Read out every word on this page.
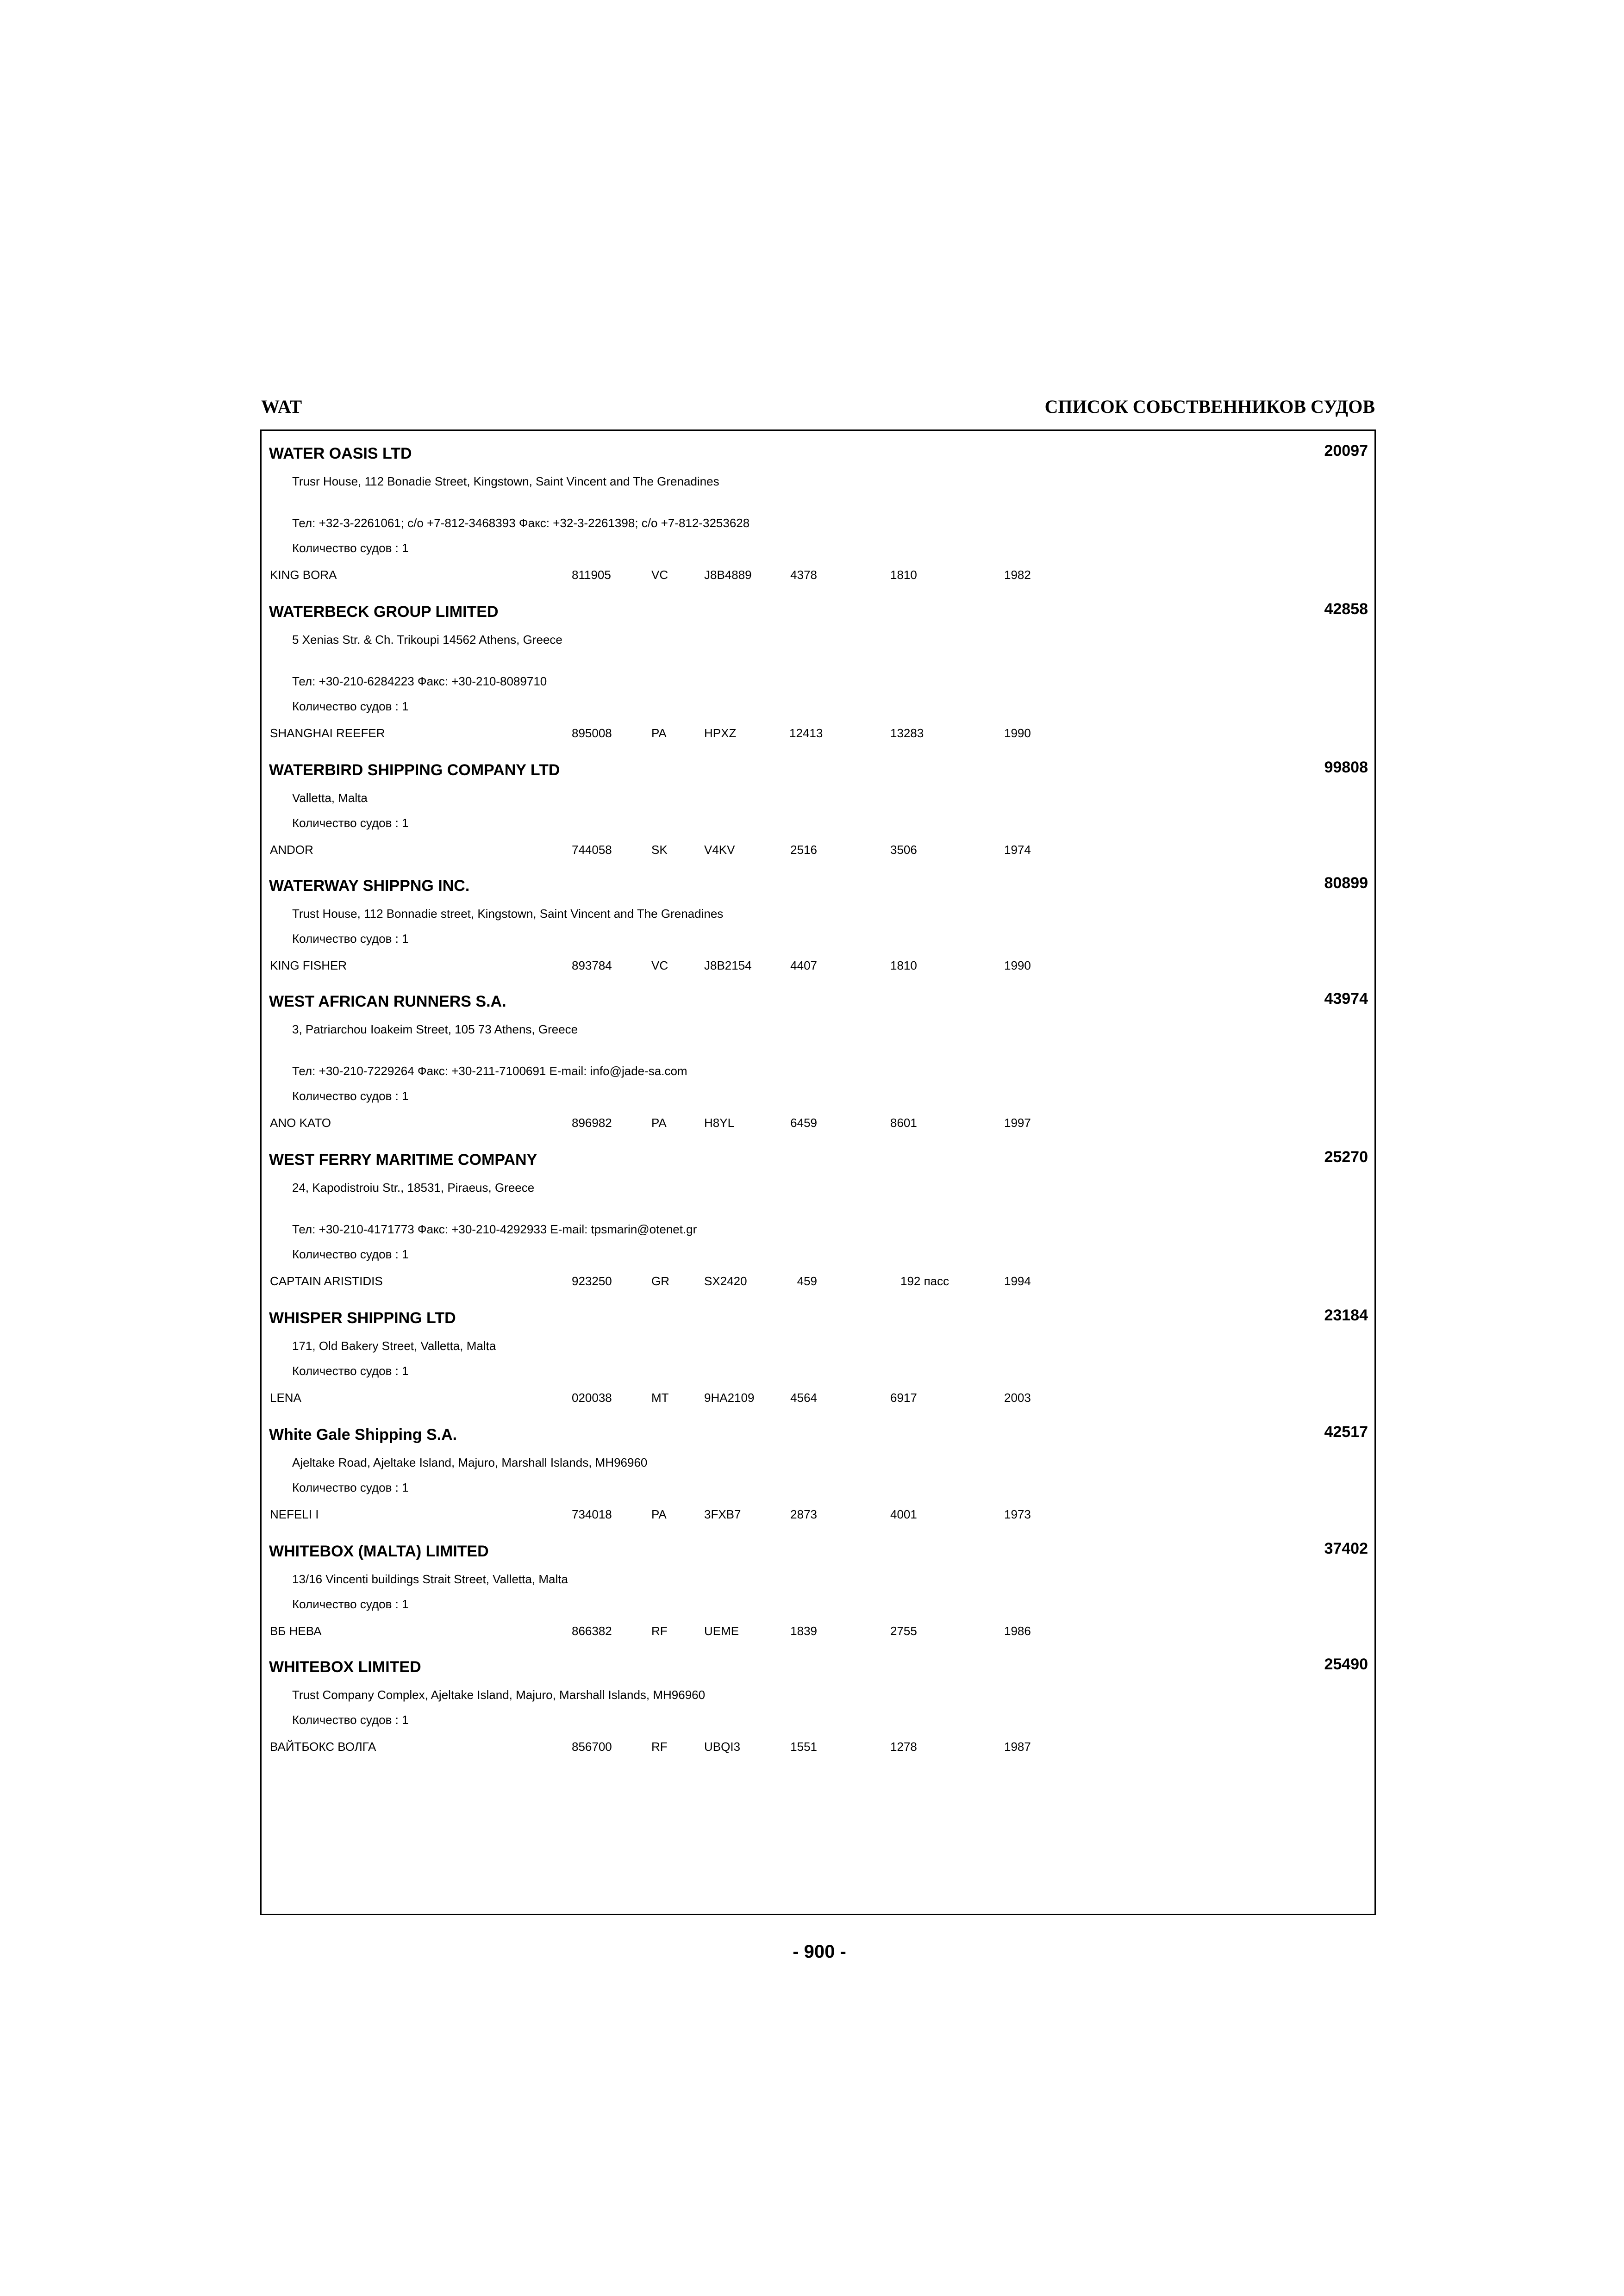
WAT	СПИСОК СОБСТВЕННИКОВ СУДОВ
WATER OASIS LTD	20097
Trusr House, 112 Bonadie Street, Kingstown, Saint Vincent and The Grenadines
Тел: +32-3-2261061; c/o +7-812-3468393 Факс: +32-3-2261398; c/o +7-812-3253628
Количество судов : 1
KING BORA	811905	VC	J8B4889	4378	1810	1982
WATERBECK GROUP LIMITED	42858
5 Xenias Str. & Ch. Trikoupi 14562 Athens, Greece
Тел: +30-210-6284223 Факс: +30-210-8089710
Количество судов : 1
SHANGHAI REEFER	895008	PA	HPXZ	12413	13283	1990
WATERBIRD SHIPPING COMPANY LTD	99808
Valletta, Malta
Количество судов : 1
ANDOR	744058	SK	V4KV	2516	3506	1974
WATERWAY SHIPPNG INC.	80899
Trust House, 112 Bonnadie street, Kingstown, Saint Vincent and The Grenadines
Количество судов : 1
KING FISHER	893784	VC	J8B2154	4407	1810	1990
WEST AFRICAN RUNNERS S.A.	43974
3, Patriarchou Ioakeim Street, 105 73 Athens, Greece
Тел: +30-210-7229264 Факс: +30-211-7100691 E-mail: info@jade-sa.com
Количество судов : 1
ANO KATO	896982	PA	H8YL	6459	8601	1997
WEST FERRY MARITIME COMPANY	25270
24, Kapodistroiu Str., 18531, Piraeus, Greece
Тел: +30-210-4171773 Факс: +30-210-4292933 E-mail: tpsmarin@otenet.gr
Количество судов : 1
CAPTAIN ARISTIDIS	923250	GR	SX2420	459	192 пасс	1994
WHISPER SHIPPING LTD	23184
171, Old Bakery Street, Valletta, Malta
Количество судов : 1
LENA	020038	MT	9HA2109	4564	6917	2003
White Gale Shipping S.A.	42517
Ajeltake Road, Ajeltake Island, Majuro, Marshall Islands, MH96960
Количество судов : 1
NEFELI I	734018	PA	3FXB7	2873	4001	1973
WHITEBOX (MALTA) LIMITED	37402
13/16 Vincenti buildings Strait Street, Valletta, Malta
Количество судов : 1
ВБ НЕВА	866382	RF	UEME	1839	2755	1986
WHITEBOX LIMITED	25490
Trust Company Complex, Ajeltake Island, Majuro, Marshall Islands, MH96960
Количество судов : 1
ВАЙТБОКС ВОЛГА	856700	RF	UBQI3	1551	1278	1987
- 900 -
